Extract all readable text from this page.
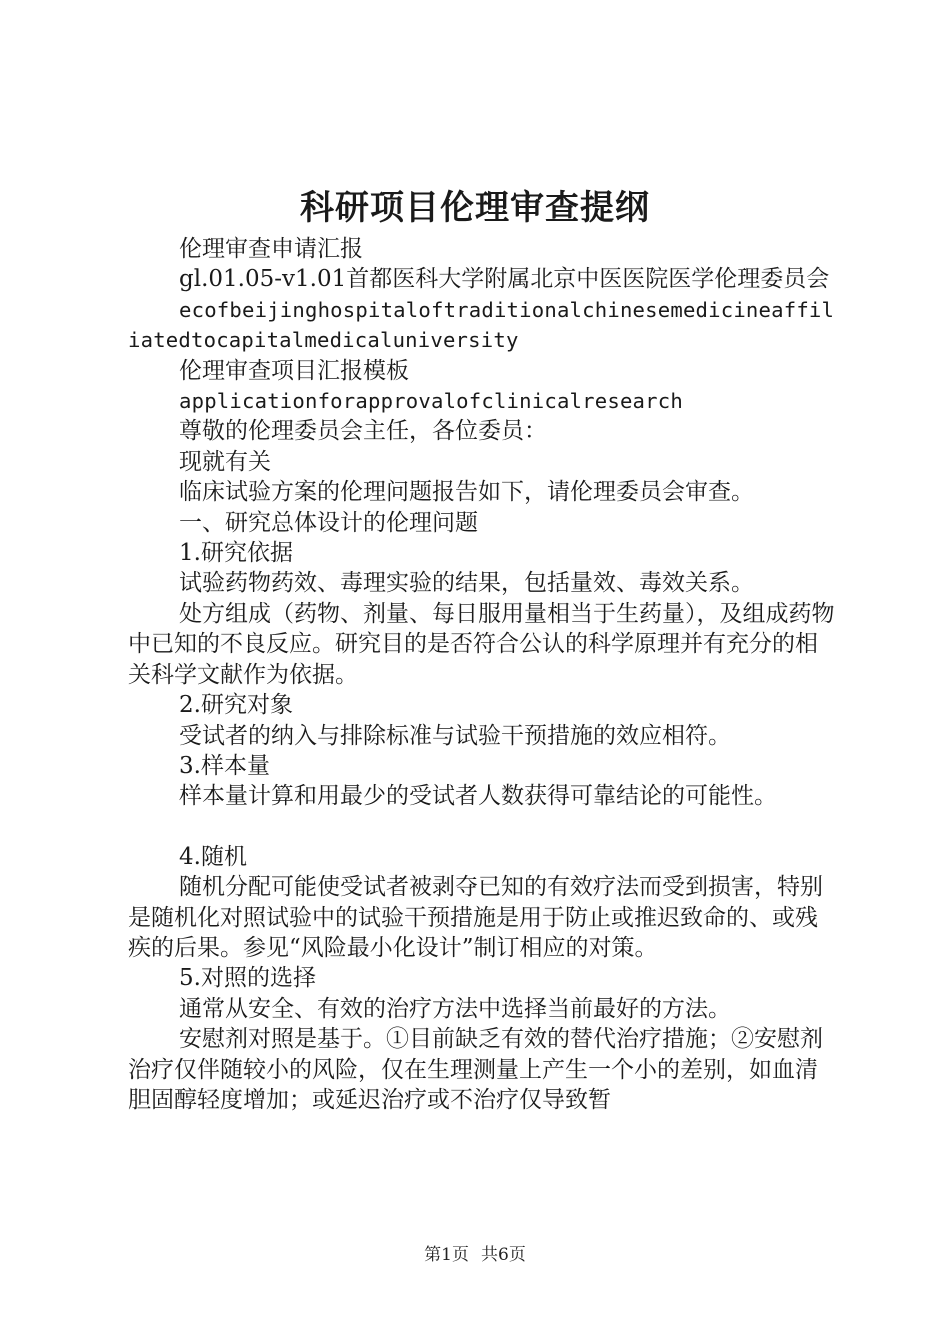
科研项目伦理审查提纲

伦理审查申请汇报

gl.01.05-v1.01首都医科大学附属北京中医医院医学伦理委员会

ecofbeijinghospitaloftraditionalchinesemedicineaffiliatedtocapitalmedicaluniversity

伦理审查项目汇报模板

applicationforapprovalofclinicalresearch

尊敬的伦理委员会主任，各位委员：

现就有关

临床试验方案的伦理问题报告如下，请伦理委员会审查。

一、研究总体设计的伦理问题

1.研究依据

试验药物药效、毒理实验的结果，包括量效、毒效关系。

处方组成（药物、剂量、每日服用量相当于生药量），及组成药物中已知的不良反应。研究目的是否符合公认的科学原理并有充分的相关科学文献作为依据。

2.研究对象

受试者的纳入与排除标准与试验干预措施的效应相符。

3.样本量

样本量计算和用最少的受试者人数获得可靠结论的可能性。

4.随机

随机分配可能使受试者被剥夺已知的有效疗法而受到损害，特别是随机化对照试验中的试验干预措施是用于防止或推迟致命的、或残疾的后果。参见“风险最小化设计”制订相应的对策。

5.对照的选择

通常从安全、有效的治疗方法中选择当前最好的方法。

安慰剂对照是基于。①目前缺乏有效的替代治疗措施；②安慰剂治疗仅伴随较小的风险，仅在生理测量上产生一个小的差别，如血清胆固醇轻度增加；或延迟治疗或不治疗仅导致暂

第1页 共6页
